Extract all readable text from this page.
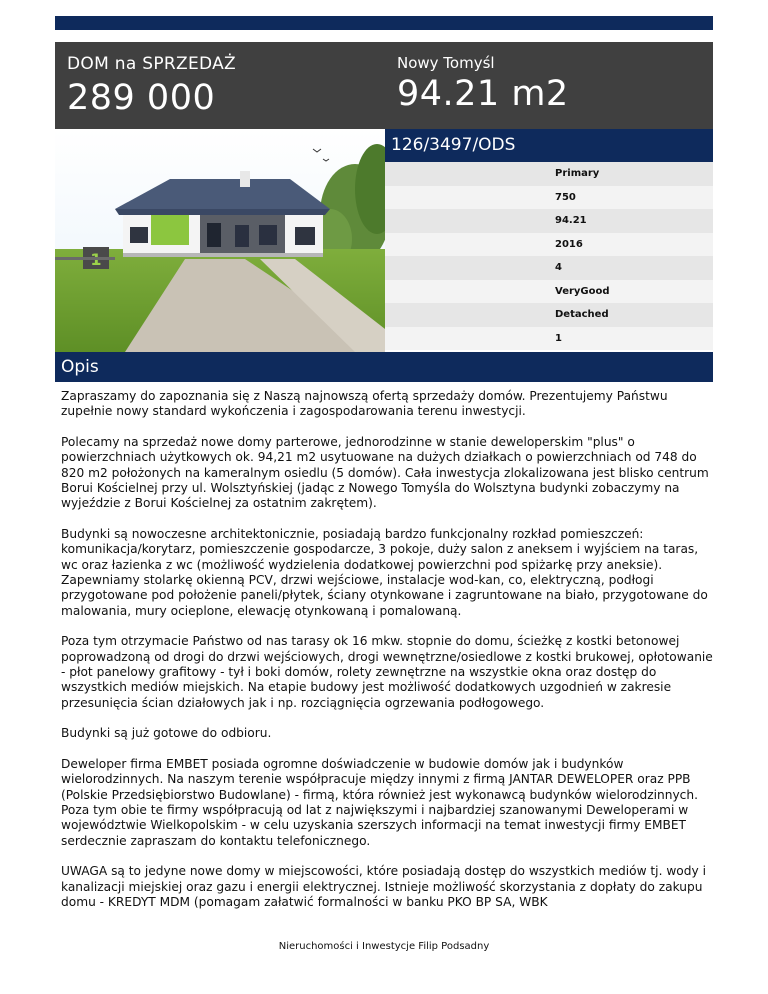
DOM na SPRZEDAŻ
289 000
Nowy Tomyśl
94.21 m2
126/3497/ODS
Primary
750
94.21
2016
4
VeryGood
Detached
1
Opis

Zapraszamy do zapoznania się z Naszą najnowszą ofertą sprzedaży domów. Prezentujemy Państwu zupełnie nowy standard wykończenia i zagospodarowania terenu inwestycji.

Polecamy na sprzedaż nowe domy parterowe, jednorodzinne w stanie deweloperskim "plus" o powierzchniach użytkowych ok. 94,21 m2 usytuowane na dużych działkach o powierzchniach od 748 do 820 m2 położonych na kameralnym osiedlu (5 domów). Cała inwestycja zlokalizowana jest blisko centrum Borui Kościelnej przy ul. Wolsztyńskiej (jadąc z Nowego Tomyśla do Wolsztyna budynki zobaczymy na wyjeździe z Borui Kościelnej za ostatnim zakrętem).

Budynki są nowoczesne architektonicznie, posiadają bardzo funkcjonalny rozkład pomieszczeń: komunikacja/korytarz, pomieszczenie gospodarcze, 3 pokoje, duży salon z aneksem i wyjściem na taras, wc oraz łazienka z wc (możliwość wydzielenia dodatkowej powierzchni pod spiżarkę przy aneksie). Zapewniamy stolarkę okienną PCV, drzwi wejściowe, instalacje wod-kan, co, elektryczną, podłogi przygotowane pod położenie paneli/płytek, ściany otynkowane i zagruntowane na biało, przygotowane do malowania, mury ocieplone, elewację otynkowaną i pomalowaną.

Poza tym otrzymacie Państwo od nas tarasy ok 16 mkw. stopnie do domu, ścieżkę z kostki betonowej poprowadzoną od drogi do drzwi wejściowych, drogi wewnętrzne/osiedlowe z kostki brukowej, opłotowanie - płot panelowy grafitowy - tył i boki domów, rolety zewnętrzne na wszystkie okna oraz dostęp do wszystkich mediów miejskich. Na etapie budowy jest możliwość dodatkowych uzgodnień w zakresie przesunięcia ścian działowych jak i np. rozciągnięcia ogrzewania podłogowego.

Budynki są już gotowe do odbioru.

Deweloper firma EMBET posiada ogromne doświadczenie w budowie domów jak i budynków wielorodzinnych. Na naszym terenie współpracuje między innymi z firmą JANTAR DEWELOPER oraz PPB (Polskie Przedsiębiorstwo Budowlane) - firmą, która również jest wykonawcą budynków wielorodzinnych. Poza tym obie te firmy współpracują od lat z największymi i najbardziej szanowanymi Deweloperami w województwie Wielkopolskim - w celu uzyskania szerszych informacji na temat inwestycji firmy EMBET serdecznie zapraszam do kontaktu telefonicznego.

UWAGA są to jedyne nowe domy w miejscowości, które posiadają dostęp do wszystkich mediów tj. wody i kanalizacji miejskiej oraz gazu i energii elektrycznej. Istnieje możliwość skorzystania z dopłaty do zakupu domu - KREDYT MDM (pomagam załatwić formalności w banku PKO BP SA, WBK

Nieruchomości i Inwestycje Filip Podsadny
